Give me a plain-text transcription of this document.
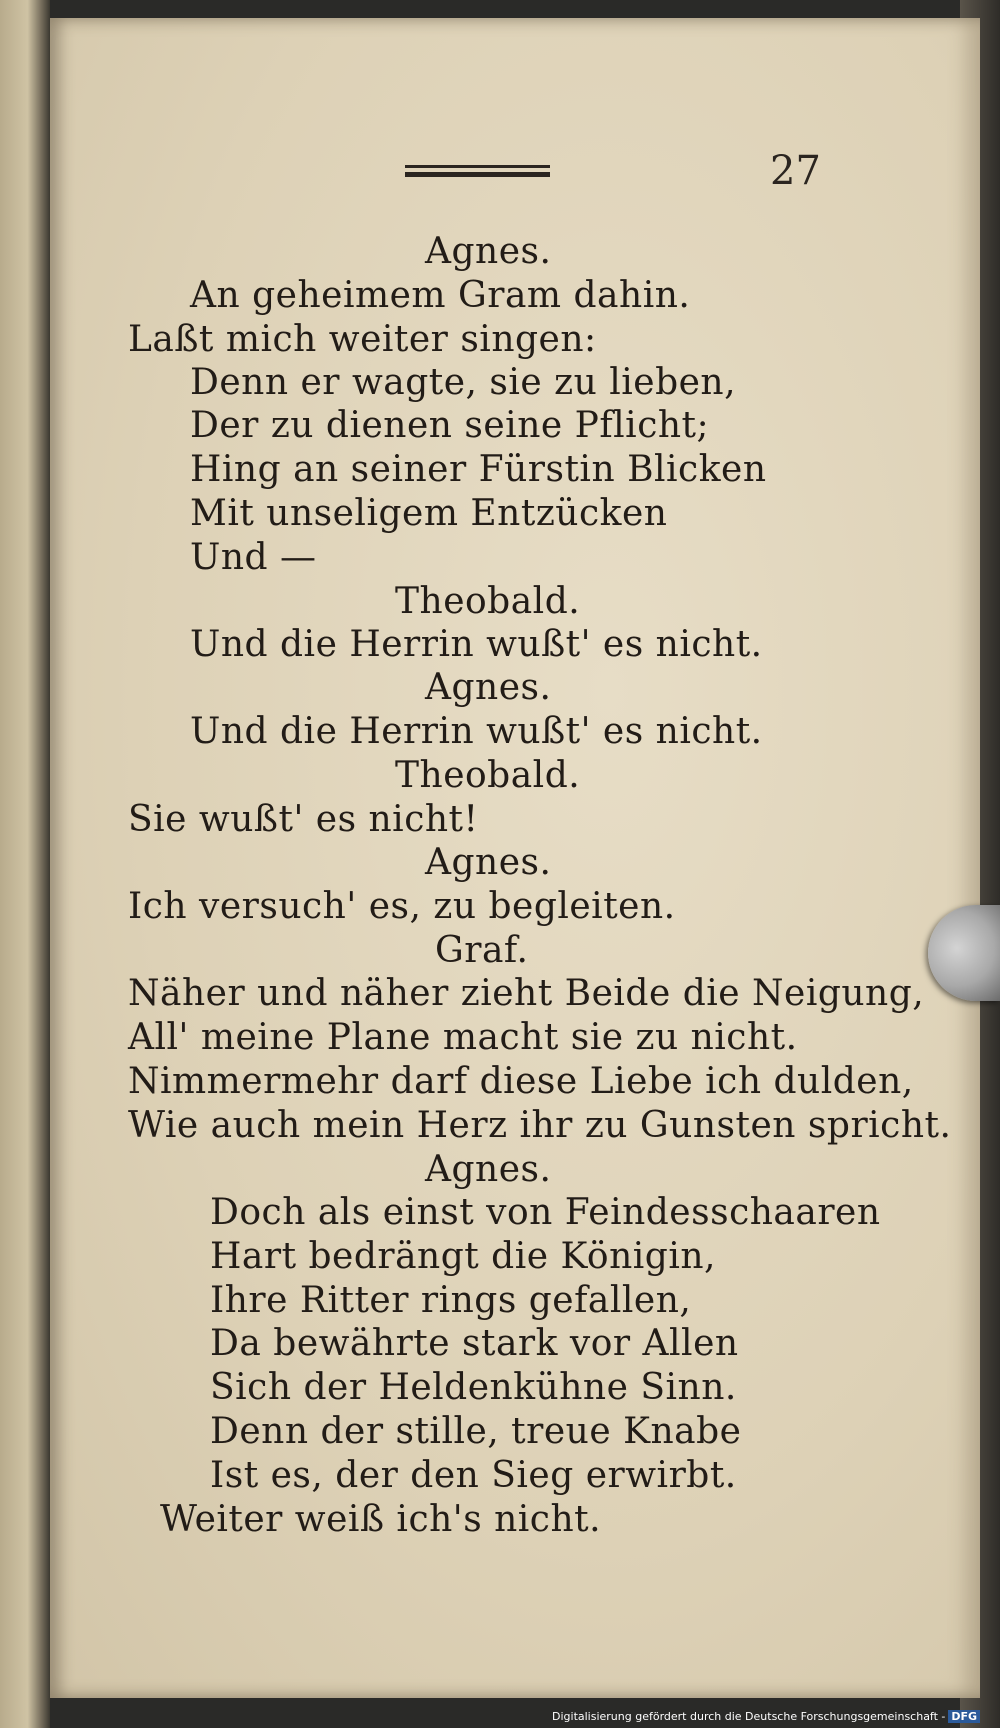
27
Agnes.
An geheimem Gram dahin.
Laßt mich weiter singen:
Denn er wagte, sie zu lieben,
Der zu dienen seine Pflicht;
Hing an seiner Fürstin Blicken
Mit unseligem Entzücken
Und —
Theobald.
Und die Herrin wußt' es nicht.
Agnes.
Und die Herrin wußt' es nicht.
Theobald.
Sie wußt' es nicht!
Agnes.
Ich versuch' es, zu begleiten.
Graf.
Näher und näher zieht Beide die Neigung,
All' meine Plane macht sie zu nicht.
Nimmermehr darf diese Liebe ich dulden,
Wie auch mein Herz ihr zu Gunsten spricht.
Agnes.
Doch als einst von Feindesschaaren
Hart bedrängt die Königin,
Ihre Ritter rings gefallen,
Da bewährte stark vor Allen
Sich der Heldenkühne Sinn.
Denn der stille, treue Knabe
Ist es, der den Sieg erwirbt.
Weiter weiß ich's nicht.
Digitalisierung gefördert durch die Deutsche Forschungsgemeinschaft - DFG
